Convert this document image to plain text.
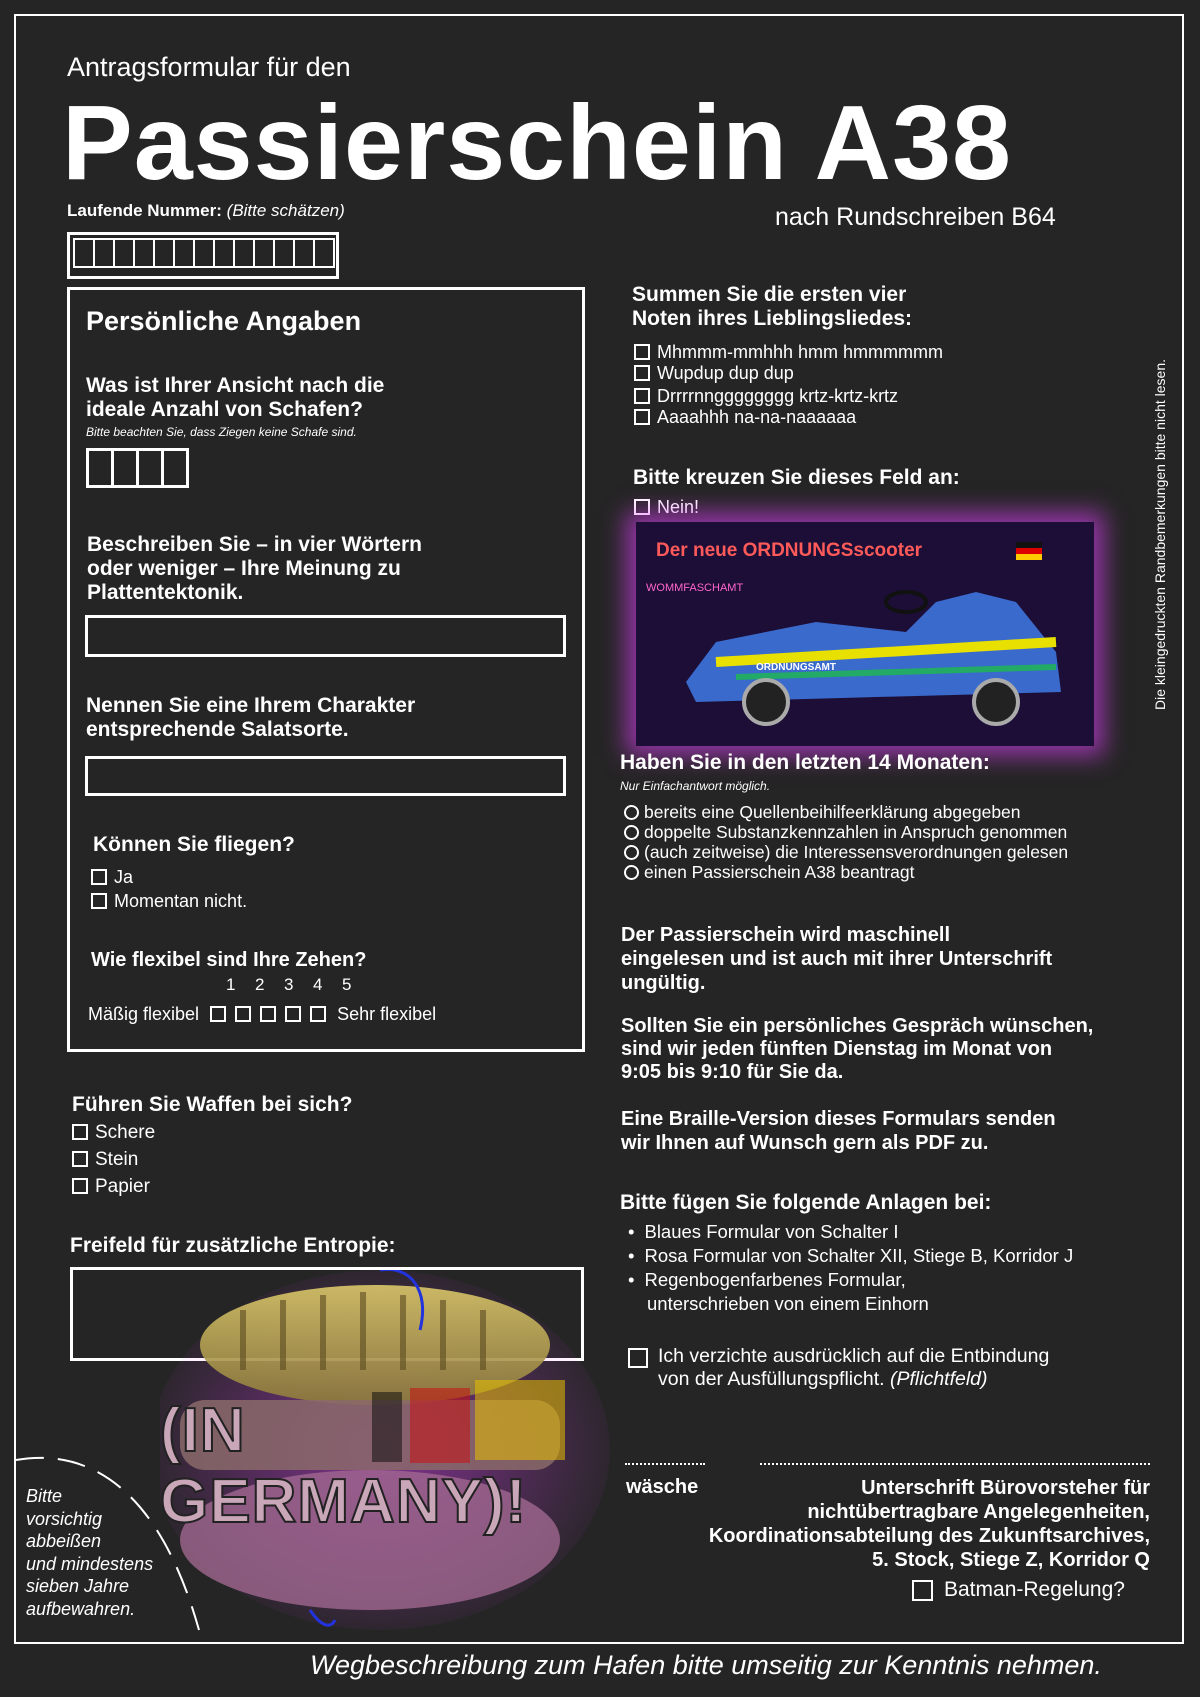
Antragsformular für den
Passierschein A38
nach Rundschreiben B64
Laufende Nummer: (Bitte schätzen)
Persönliche Angaben
Was ist Ihrer Ansicht nach die
ideale Anzahl von Schafen?
Bitte beachten Sie, dass Ziegen keine Schafe sind.
Beschreiben Sie – in vier Wörtern
oder weniger – Ihre Meinung zu
Plattentektonik.
Nennen Sie eine Ihrem Charakter
entsprechende Salatsorte.
Können Sie fliegen?
Ja
Momentan nicht.
Wie flexibel sind Ihre Zehen?
1 2 3 4 5
Mäßig flexibel	Sehr flexibel
Führen Sie Waffen bei sich?
Schere
Stein
Papier
Freifeld für zusätzliche Entropie:
(IN GERMANY)!
Bitte
vorsichtig
abbeißen
und mindestens
sieben Jahre
aufbewahren.
Die kleingedruckten Randbemerkungen bitte nicht lesen.
Summen Sie die ersten vier
Noten ihres Lieblingsliedes:
Mhmmm-mmhhh hmm hmmmmmm
Wupdup dup dup
Drrrrnngggggggg krtz-krtz-krtz
Aaaahhh na-na-naaaaaa
Bitte kreuzen Sie dieses Feld an:
Nein!
Der neue ORDNUNGSscooter
WOMMFASCHAMT
ORDNUNGSAMT
Haben Sie in den letzten 14 Monaten:
Nur Einfachantwort möglich.
bereits eine Quellenbeihilfeerklärung abgegeben
doppelte Substanzkennzahlen in Anspruch genommen
(auch zeitweise) die Interessensverordnungen gelesen
einen Passierschein A38 beantragt
Der Passierschein wird maschinell
eingelesen und ist auch mit ihrer Unterschrift
ungültig.
Sollten Sie ein persönliches Gespräch wünschen,
sind wir jeden fünften Dienstag im Monat von
9:05 bis 9:10 für Sie da.
Eine Braille-Version dieses Formulars senden
wir Ihnen auf Wunsch gern als PDF zu.
Bitte fügen Sie folgende Anlagen bei:
• Blaues Formular von Schalter I
• Rosa Formular von Schalter XII, Stiege B, Korridor J
• Regenbogenfarbenes Formular,
unterschrieben von einem Einhorn
Ich verzichte ausdrücklich auf die Entbindung
von der Ausfüllungspflicht. (Pflichtfeld)
wäsche	Unterschrift Bürovorsteher für
nichtübertragbare Angelegenheiten,
Koordinationsabteilung des Zukunftsarchives,
5. Stock, Stiege Z, Korridor Q
Batman-Regelung?
Wegbeschreibung zum Hafen bitte umseitig zur Kenntnis nehmen.
